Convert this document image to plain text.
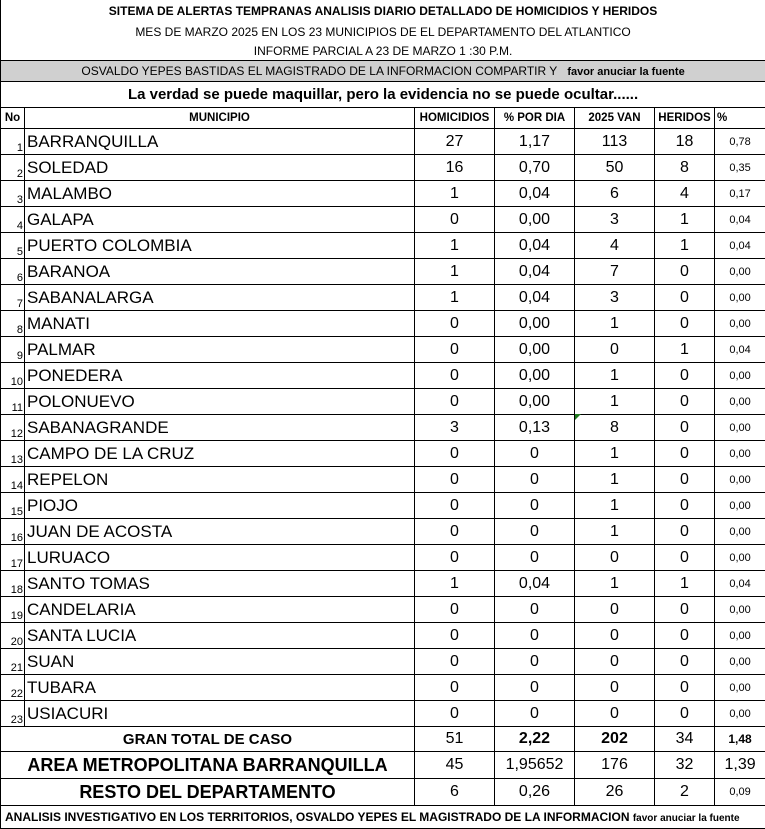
SITEMA DE ALERTAS TEMPRANAS ANALISIS DIARIO DETALLADO DE HOMICIDIOS Y HERIDOS						
MES DE MARZO 2025 EN LOS 23 MUNICIPIOS DE EL DEPARTAMENTO DEL ATLANTICO						
INFORME PARCIAL A 23 DE MARZO 1 :30 P.M.						
OSVALDO YEPES BASTIDAS EL MAGISTRADO DE LA INFORMACION COMPARTIR Y favor anuciar la fuente						
La verdad se puede maquillar, pero la evidencia no se puede ocultar......						
No	MUNICIPIO	HOMICIDIOS	% POR DIA	2025 VAN	HERIDOS	%
1	BARRANQUILLA	27	1,17	113	18	0,78
2	SOLEDAD	16	0,70	50	8	0,35
3	MALAMBO	1	0,04	6	4	0,17
4	GALAPA	0	0,00	3	1	0,04
5	PUERTO COLOMBIA	1	0,04	4	1	0,04
6	BARANOA	1	0,04	7	0	0,00
7	SABANALARGA	1	0,04	3	0	0,00
8	MANATI	0	0,00	1	0	0,00
9	PALMAR	0	0,00	0	1	0,04
10	PONEDERA	0	0,00	1	0	0,00
11	POLONUEVO	0	0,00	1	0	0,00
12	SABANAGRANDE	3	0,13	8	0	0,00
13	CAMPO DE LA CRUZ	0	0	1	0	0,00
14	REPELON	0	0	1	0	0,00
15	PIOJO	0	0	1	0	0,00
16	JUAN DE ACOSTA	0	0	1	0	0,00
17	LURUACO	0	0	0	0	0,00
18	SANTO TOMAS	1	0,04	1	1	0,04
19	CANDELARIA	0	0	0	0	0,00
20	SANTA LUCIA	0	0	0	0	0,00
21	SUAN	0	0	0	0	0,00
22	TUBARA	0	0	0	0	0,00
23	USIACURI	0	0	0	0	0,00
GRAN TOTAL DE CASO		51	2,22	202	34	1,48
AREA METROPOLITANA BARRANQUILLA		45	1,95652	176	32	1,39
RESTO DEL DEPARTAMENTO		6	0,26	26	2	0,09
ANALISIS INVESTIGATIVO EN LOS TERRITORIOS, OSVALDO YEPES EL MAGISTRADO DE LA INFORMACION favor anuciar la fuente						
